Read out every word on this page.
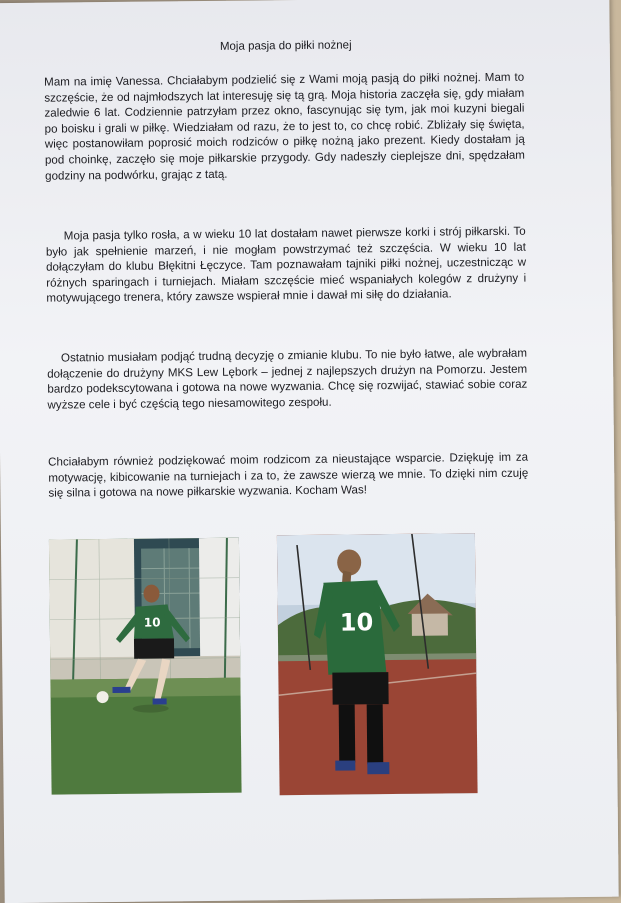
Moja pasja do piłki nożnej

Mam na imię Vanessa. Chciałabym podzielić się z Wami moją pasją do piłki nożnej. Mam to szczęście, że od najmłodszych lat interesuję się tą grą. Moja historia zaczęła się, gdy miałam zaledwie 6 lat. Codziennie patrzyłam przez okno, fascynując się tym, jak moi kuzyni biegali po boisku i grali w piłkę. Wiedziałam od razu, że to jest to, co chcę robić. Zbliżały się święta, więc postanowiłam poprosić moich rodziców o piłkę nożną jako prezent. Kiedy dostałam ją pod choinkę, zaczęło się moje piłkarskie przygody. Gdy nadeszły cieplejsze dni, spędzałam godziny na podwórku, grając z tatą.

Moja pasja tylko rosła, a w wieku 10 lat dostałam nawet pierwsze korki i strój piłkarski. To było jak spełnienie marzeń, i nie mogłam powstrzymać też szczęścia. W wieku 10 lat dołączyłam do klubu Błękitni Łęczyce. Tam poznawałam tajniki piłki nożnej, uczestnicząc w różnych sparingach i turniejach. Miałam szczęście mieć wspaniałych kolegów z drużyny i motywującego trenera, który zawsze wspierał mnie i dawał mi siłę do działania.

Ostatnio musiałam podjąć trudną decyzję o zmianie klubu. To nie było łatwe, ale wybrałam dołączenie do drużyny MKS Lew Lębork – jednej z najlepszych drużyn na Pomorzu. Jestem bardzo podekscytowana i gotowa na nowe wyzwania. Chcę się rozwijać, stawiać sobie coraz wyższe cele i być częścią tego niesamowitego zespołu.

Chciałabym również podziękować moim rodzicom za nieustające wsparcie. Dziękuję im za motywację, kibicowanie na turniejach i za to, że zawsze wierzą we mnie. To dzięki nim czuję się silna i gotowa na nowe piłkarskie wyzwania. Kocham Was!

10	10
